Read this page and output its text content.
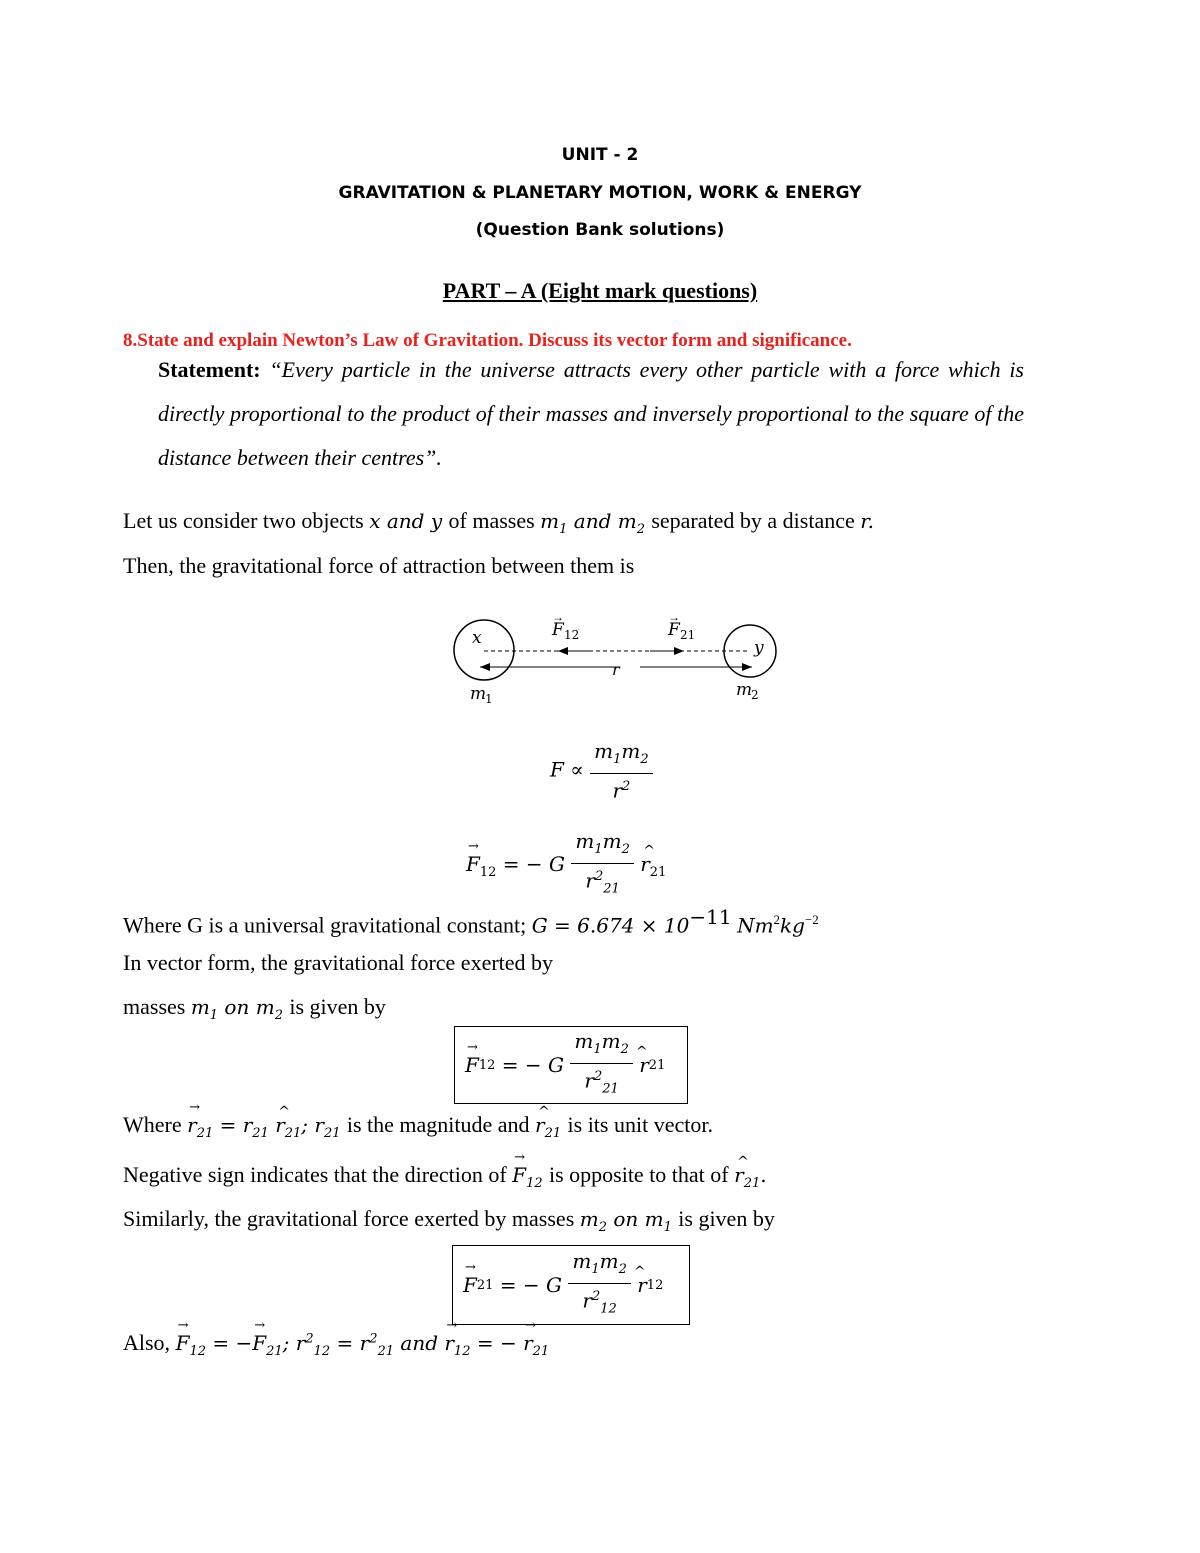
UNIT - 2
GRAVITATION & PLANETARY MOTION, WORK & ENERGY
(Question Bank solutions)
PART – A (Eight mark questions)
8.State and explain Newton’s Law of Gravitation. Discuss its vector form and significance.
Statement: “Every particle in the universe attracts every other particle with a force which is directly proportional to the product of their masses and inversely proportional to the square of the distance between their centres”.
Let us consider two objects x and y of masses $m_1$ and $m_2$ separated by a distance r.
Then, the gravitational force of attraction between them is
x	y
F 12
→
F 21
→
r
m
1	m
2
$F \propto \frac{m_1m_2}{r^2}$
→ $F_{12}$ = − G $\frac{m_1m_2}{r^2_{21}}$ ^ $r_{21}$
Where G is a universal gravitational constant; $G = 6.674 \times 10^{-11}$ $Nm^2kg^{-2}$
In vector form, the gravitational force exerted by
masses $m_1$ on $m_2$ is given by
→ F 12 = − G $\frac{m_1m_2}{r^2_{21}}$ ^  r 21
Where → $r_{21} = r_{21}$ ^ $r_{21}$; $r_{21}$ is the magnitude and ^ $r_{21}$ is its unit vector.
Negative sign indicates that the direction of → $F_{12}$ is opposite to that of ^ $r_{21}$.
Similarly, the gravitational force exerted by masses $m_2$ on $m_1$ is given by
→ F 21 = − G $\frac{m_1m_2}{r^2_{12}}$ ^  r 12
Also, → $F_{12}$ = −→ $F_{21}$; $r^2_{12} = r^2_{21}$ and → $r_{12}$ = − → $r_{21}$
